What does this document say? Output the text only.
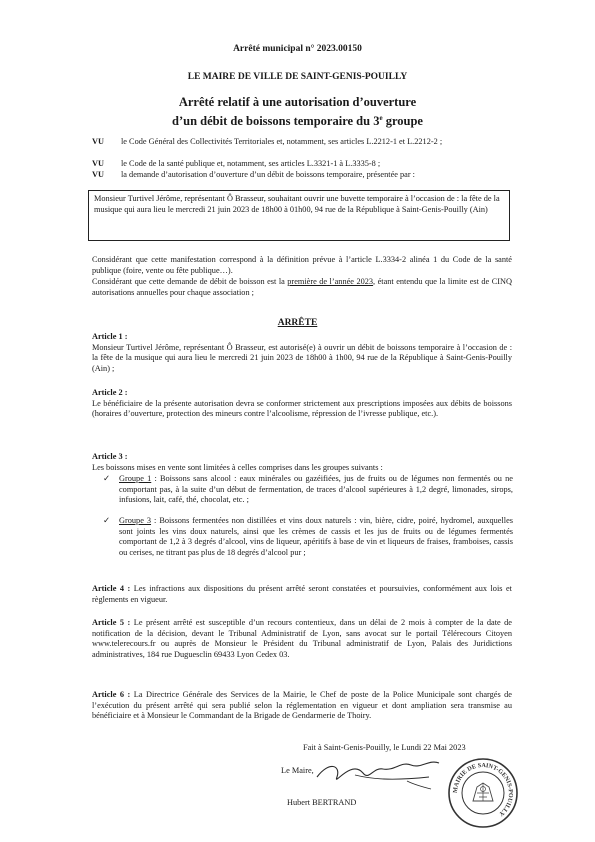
Arrêté municipal n° 2023.00150
LE MAIRE DE VILLE DE SAINT-GENIS-POUILLY
Arrêté relatif à une autorisation d’ouverture
d’un débit de boissons temporaire du 3e groupe
VU	le Code Général des Collectivités Territoriales et, notamment, ses articles L.2212-1 et L.2212-2 ;
VU	le Code de la santé publique et, notamment, ses articles L.3321-1 à L.3335-8 ;
VU	la demande d’autorisation d’ouverture d’un débit de boissons temporaire, présentée par :
Monsieur Turtivel Jérôme, représentant Ô Brasseur, souhaitant ouvrir une buvette temporaire à l’occasion de : la fête de la musique qui aura lieu le mercredi 21 juin 2023 de 18h00 à 01h00, 94 rue de la République à Saint-Genis-Pouilly (Ain)
Considérant que cette manifestation correspond à la définition prévue à l’article L.3334-2 alinéa 1 du Code de la santé publique (foire, vente ou fête publique…).
Considérant que cette demande de débit de boisson est la première de l’année 2023, étant entendu que la limite est de CINQ autorisations annuelles pour chaque association ;
ARRÊTE
Article 1 :
Monsieur Turtivel Jérôme, représentant Ô Brasseur, est autorisé(e) à ouvrir un débit de boissons temporaire à l’occasion de : la fête de la musique qui aura lieu le mercredi 21 juin 2023 de 18h00 à 1h00, 94 rue de la République à Saint-Genis-Pouilly (Ain) ;
Article 2 :
Le bénéficiaire de la présente autorisation devra se conformer strictement aux prescriptions imposées aux débits de boissons (horaires d’ouverture, protection des mineurs contre l’alcoolisme, répression de l’ivresse publique, etc.).
Article 3 :
Les boissons mises en vente sont limitées à celles comprises dans les groupes suivants :
✓	Groupe 1 : Boissons sans alcool : eaux minérales ou gazéifiées, jus de fruits ou de légumes non fermentés ou ne comportant pas, à la suite d’un début de fermentation, de traces d’alcool supérieures à 1,2 degré, limonades, sirops, infusions, lait, café, thé, chocolat, etc. ;
✓	Groupe 3 : Boissons fermentées non distillées et vins doux naturels : vin, bière, cidre, poiré, hydromel, auxquelles sont joints les vins doux naturels, ainsi que les crèmes de cassis et les jus de fruits ou de légumes fermentés comportant de 1,2 à 3 degrés d’alcool, vins de liqueur, apéritifs à base de vin et liqueurs de fraises, framboises, cassis ou cerises, ne titrant pas plus de 18 degrés d’alcool pur ;
Article 4 : Les infractions aux dispositions du présent arrêté seront constatées et poursuivies, conformément aux lois et règlements en vigueur.
Article 5 : Le présent arrêté est susceptible d’un recours contentieux, dans un délai de 2 mois à compter de la date de notification de la décision, devant le Tribunal Administratif de Lyon, sans avocat sur le portail Télérecours Citoyen www.telerecours.fr ou auprès de Monsieur le Président du Tribunal administratif de Lyon, Palais des Juridictions administratives, 184 rue Duguesclin 69433 Lyon Cedex 03.
Article 6 : La Directrice Générale des Services de la Mairie, le Chef de poste de la Police Municipale sont chargés de l’exécution du présent arrêté qui sera publié selon la réglementation en vigueur et dont ampliation sera transmise au bénéficiaire et à Monsieur le Commandant de la Brigade de Gendarmerie de Thoiry.
Fait à Saint-Genis-Pouilly, le Lundi 22 Mai 2023
Le Maire,
Hubert BERTRAND
MAIRIE DE SAINT-GENIS-POUILLY
